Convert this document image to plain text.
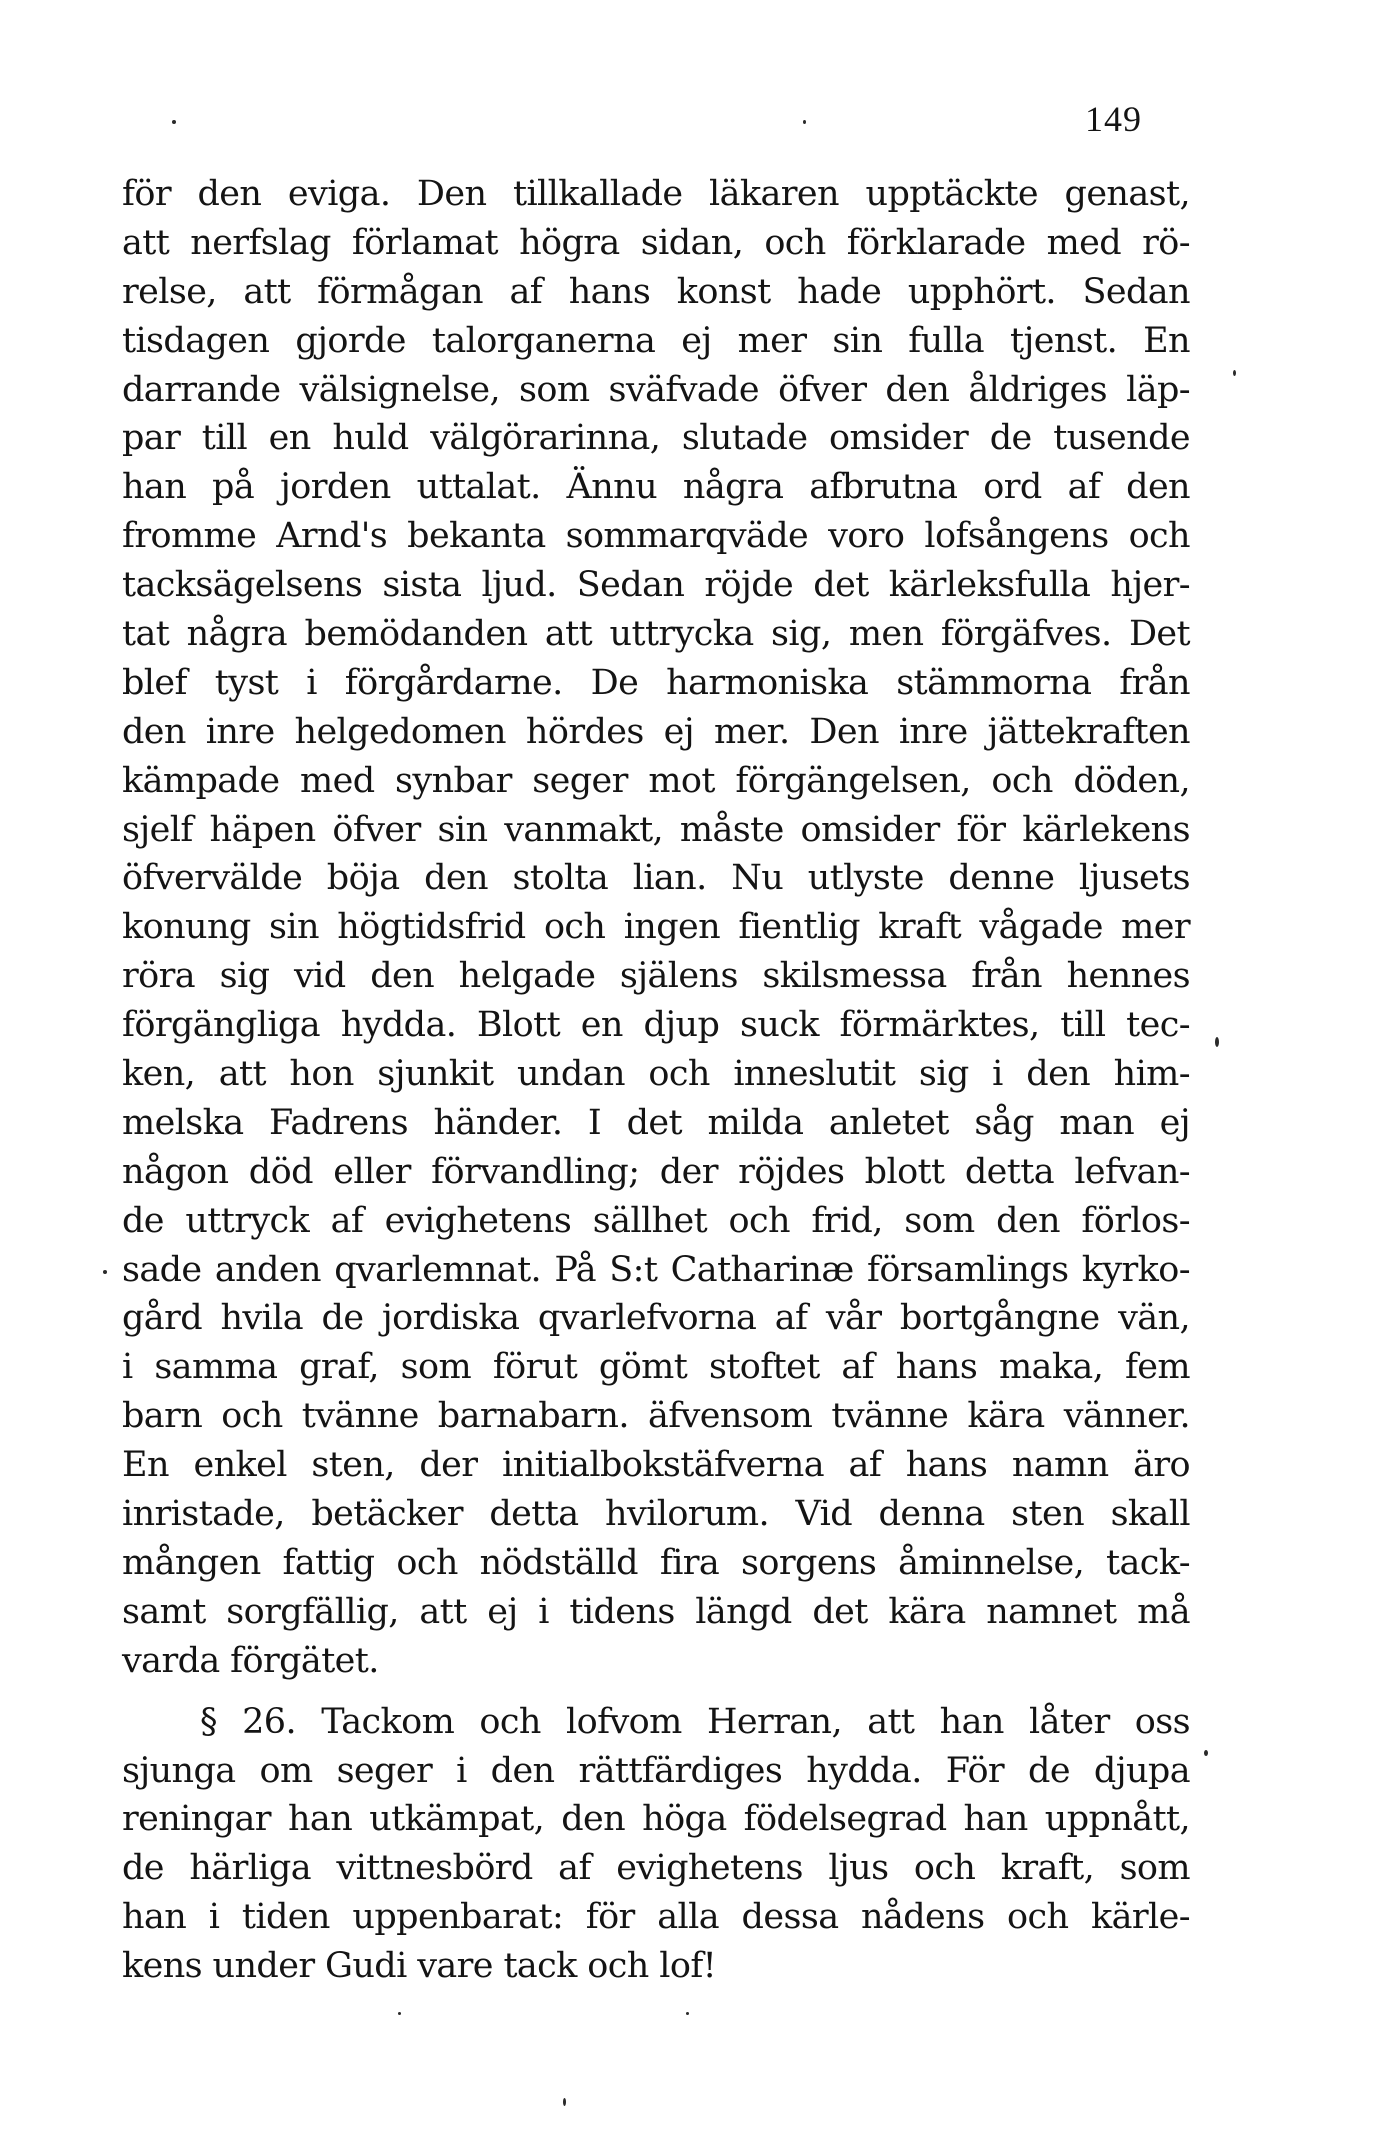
149
för den eviga. Den tillkallade läkaren upptäckte genast,
att nerfslag förlamat högra sidan, och förklarade med rö-
relse, att förmågan af hans konst hade upphört. Sedan
tisdagen gjorde talorganerna ej mer sin fulla tjenst. En
darrande välsignelse, som sväfvade öfver den åldriges läp-
par till en huld välgörarinna, slutade omsider de tusende
han på jorden uttalat. Ännu några afbrutna ord af den
fromme Arnd's bekanta sommarqväde voro lofsångens och
tacksägelsens sista ljud. Sedan röjde det kärleksfulla hjer-
tat några bemödanden att uttrycka sig, men förgäfves. Det
blef tyst i förgårdarne. De harmoniska stämmorna från
den inre helgedomen hördes ej mer. Den inre jättekraften
kämpade med synbar seger mot förgängelsen, och döden,
sjelf häpen öfver sin vanmakt, måste omsider för kärlekens
öfverväldе böja den stolta lian. Nu utlyste denne ljusets
konung sin högtidsfrid och ingen fientlig kraft vågade mer
röra sig vid den helgade själens skilsmessa från hennes
förgängliga hydda. Blott en djup suck förmärktes, till tec-
ken, att hon sjunkit undan och inneslutit sig i den him-
melska Fadrens händer. I det milda anletet såg man ej
någon död eller förvandling; der röjdes blott detta lefvan-
de uttryck af evighetens sällhet och frid, som den förlos-
sade anden qvarlemnat. På S:t Catharinæ församlings kyrko-
gård hvila de jordiska qvarlefvorna af vår bortgångne vän,
i samma graf, som förut gömt stoftet af hans maka, fem
barn och tvänne barnabarn. äfvensom tvänne kära vänner.
En enkel sten, der initialbokstäfverna af hans namn äro
inristade, betäcker detta hvilorum. Vid denna sten skall
mången fattig och nödställd fira sorgens åminnelse, tack-
samt sorgfällig, att ej i tidens längd det kära namnet må
varda förgätet.
§ 26. Tackom och lofvom Herran, att han låter oss
sjunga om seger i den rättfärdiges hydda. För de djupa
reningar han utkämpat, den höga födelsegrad han uppnått,
de härliga vittnesbörd af evighetens ljus och kraft, som
han i tiden uppenbarat: för alla dessa nådens och kärle-
kens under Gudi vare tack och lof!
